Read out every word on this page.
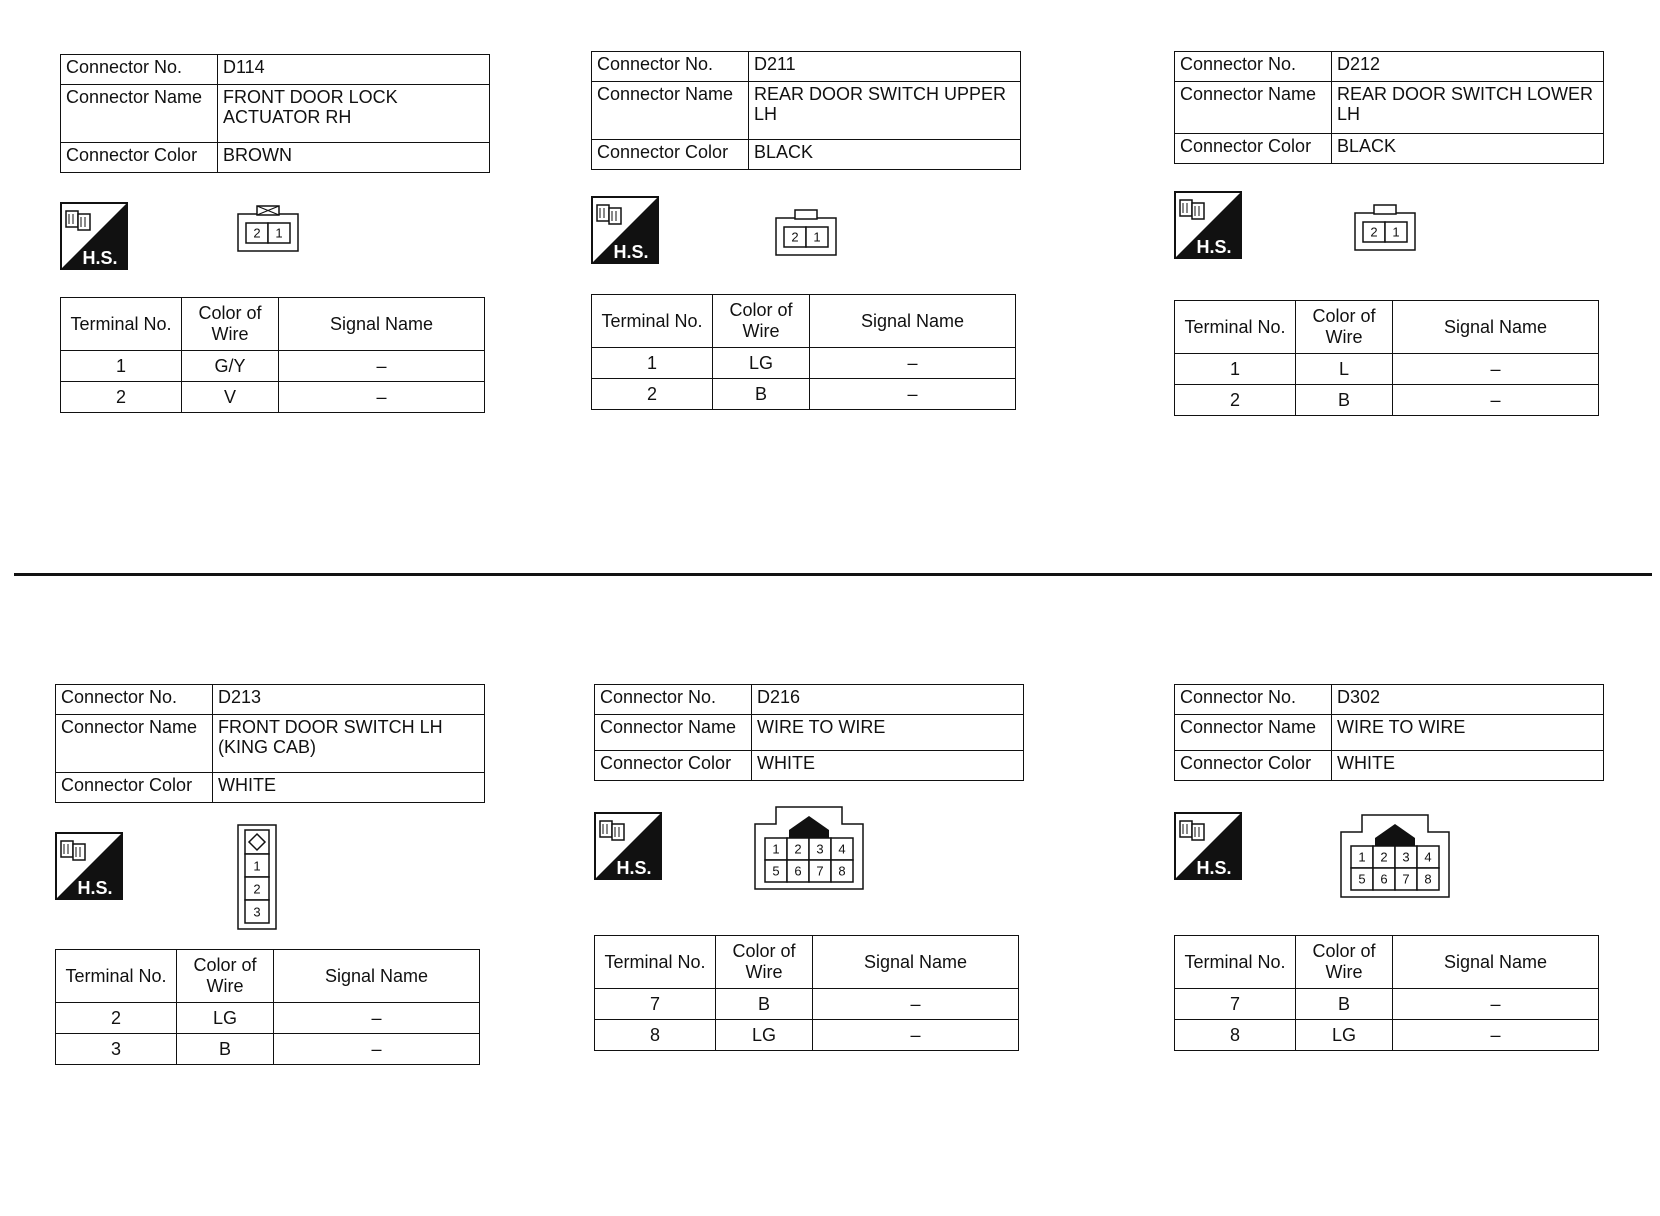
Connector No.	D114
Connector Name	FRONT DOOR LOCK ACTUATOR RH
Connector Color	BROWN
H.S.
2 1
Terminal No.	Color of Wire	Signal Name
1	G/Y	–
2	V	–
Connector No.	D211
Connector Name	REAR DOOR SWITCH UPPER LH
Connector Color	BLACK
H.S.
2 1
Terminal No.	Color of Wire	Signal Name
1	LG	–
2	B	–
Connector No.	D212
Connector Name	REAR DOOR SWITCH LOWER LH
Connector Color	BLACK
H.S.
2 1
Terminal No.	Color of Wire	Signal Name
1	L	–
2	B	–
Connector No.	D213
Connector Name	FRONT DOOR SWITCH LH (KING CAB)
Connector Color	WHITE
H.S.
1
2
3
Terminal No.	Color of Wire	Signal Name
2	LG	–
3	B	–
Connector No.	D216
Connector Name	WIRE TO WIRE
Connector Color	WHITE
H.S.
1 2 3 4
5 6 7 8
Terminal No.	Color of Wire	Signal Name
7	B	–
8	LG	–
Connector No.	D302
Connector Name	WIRE TO WIRE
Connector Color	WHITE
H.S.
1 2 3 4
5 6 7 8
Terminal No.	Color of Wire	Signal Name
7	B	–
8	LG	–
